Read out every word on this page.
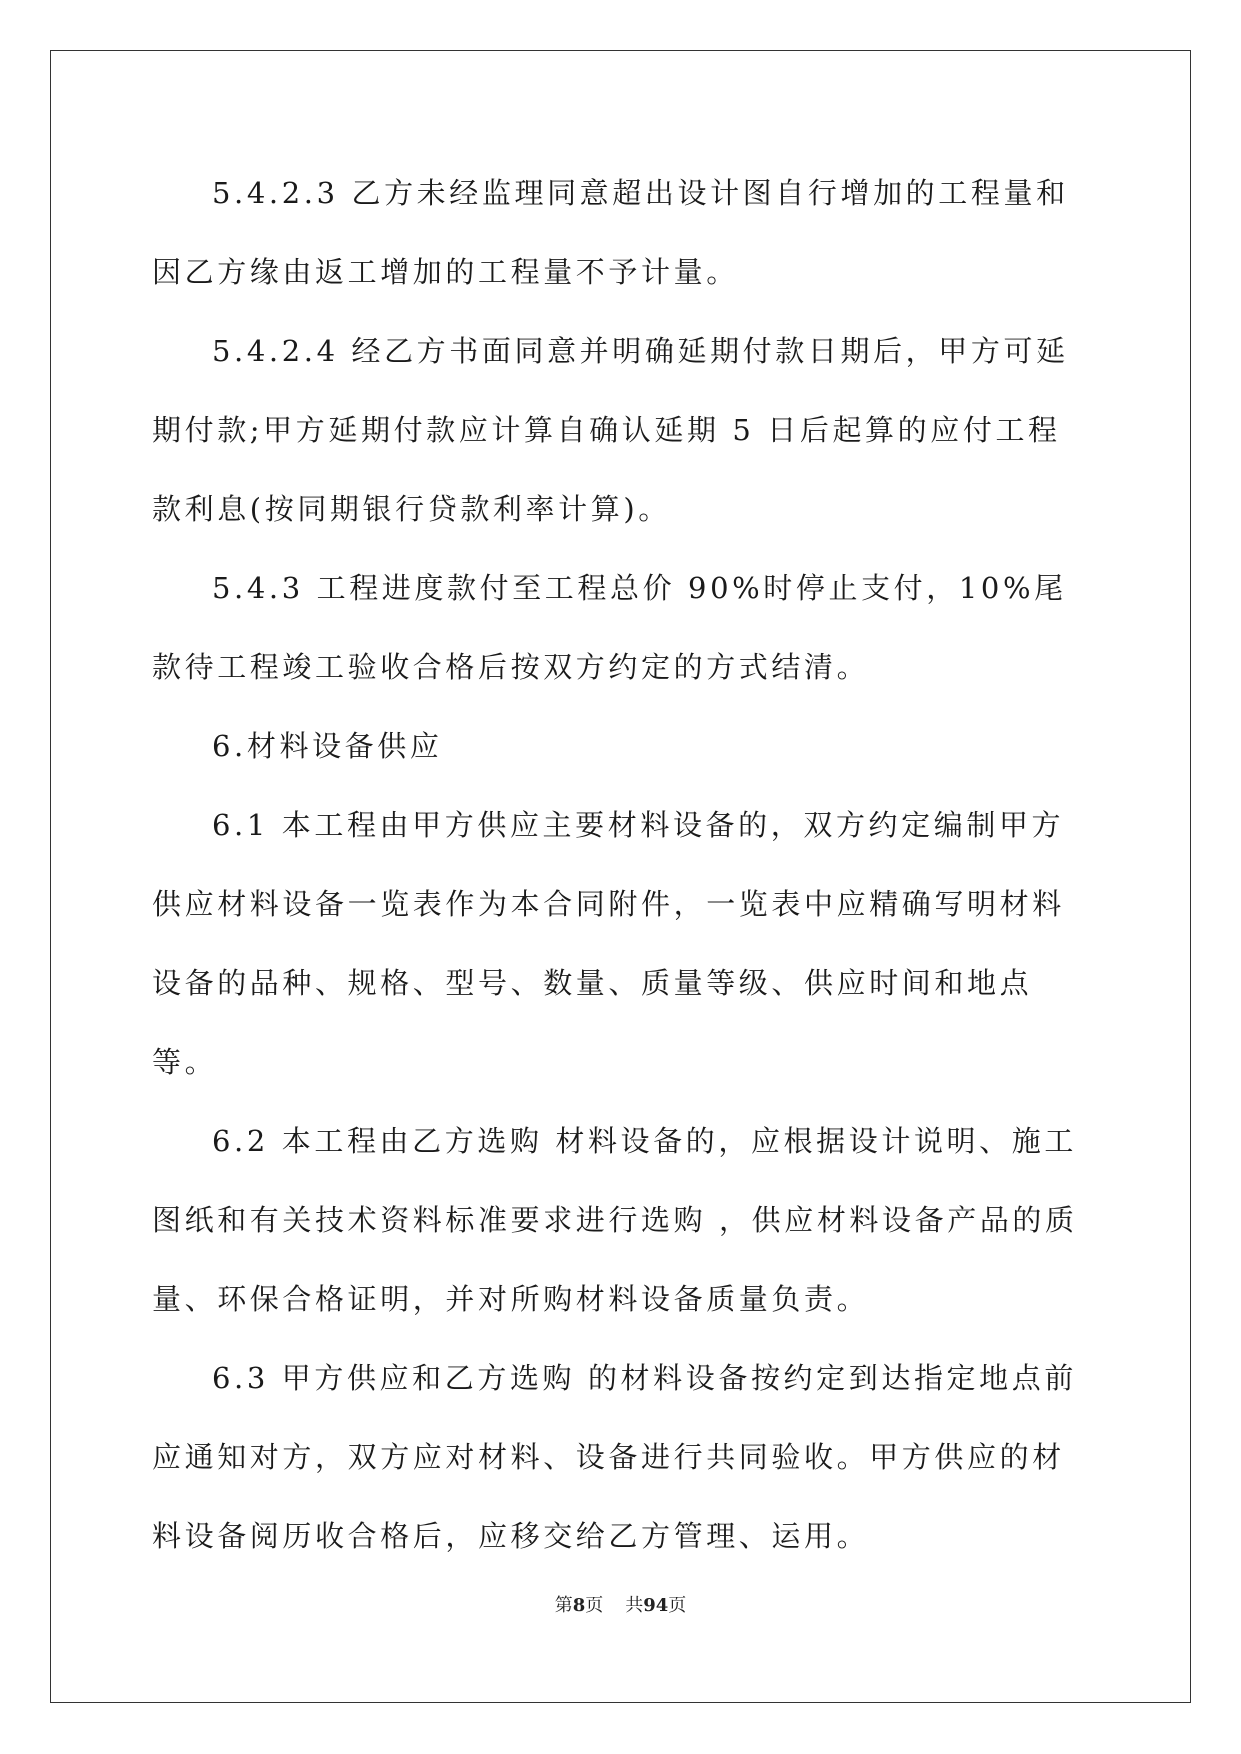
5.4.2.3 乙方未经监理同意超出设计图自行增加的工程量和因乙方缘由返工增加的工程量不予计量。

5.4.2.4 经乙方书面同意并明确延期付款日期后，甲方可延期付款;甲方延期付款应计算自确认延期 5 日后起算的应付工程款利息(按同期银行贷款利率计算)。

5.4.3 工程进度款付至工程总价 90%时停止支付，10%尾款待工程竣工验收合格后按双方约定的方式结清。

6.材料设备供应

6.1 本工程由甲方供应主要材料设备的，双方约定编制甲方供应材料设备一览表作为本合同附件，一览表中应精确写明材料设备的品种、规格、型号、数量、质量等级、供应时间和地点等。

6.2 本工程由乙方选购 材料设备的，应根据设计说明、施工图纸和有关技术资料标准要求进行选购 ，供应材料设备产品的质量、环保合格证明，并对所购材料设备质量负责。

6.3 甲方供应和乙方选购 的材料设备按约定到达指定地点前应通知对方，双方应对材料、设备进行共同验收。甲方供应的材料设备阅历收合格后，应移交给乙方管理、运用。

第8页 共94页
